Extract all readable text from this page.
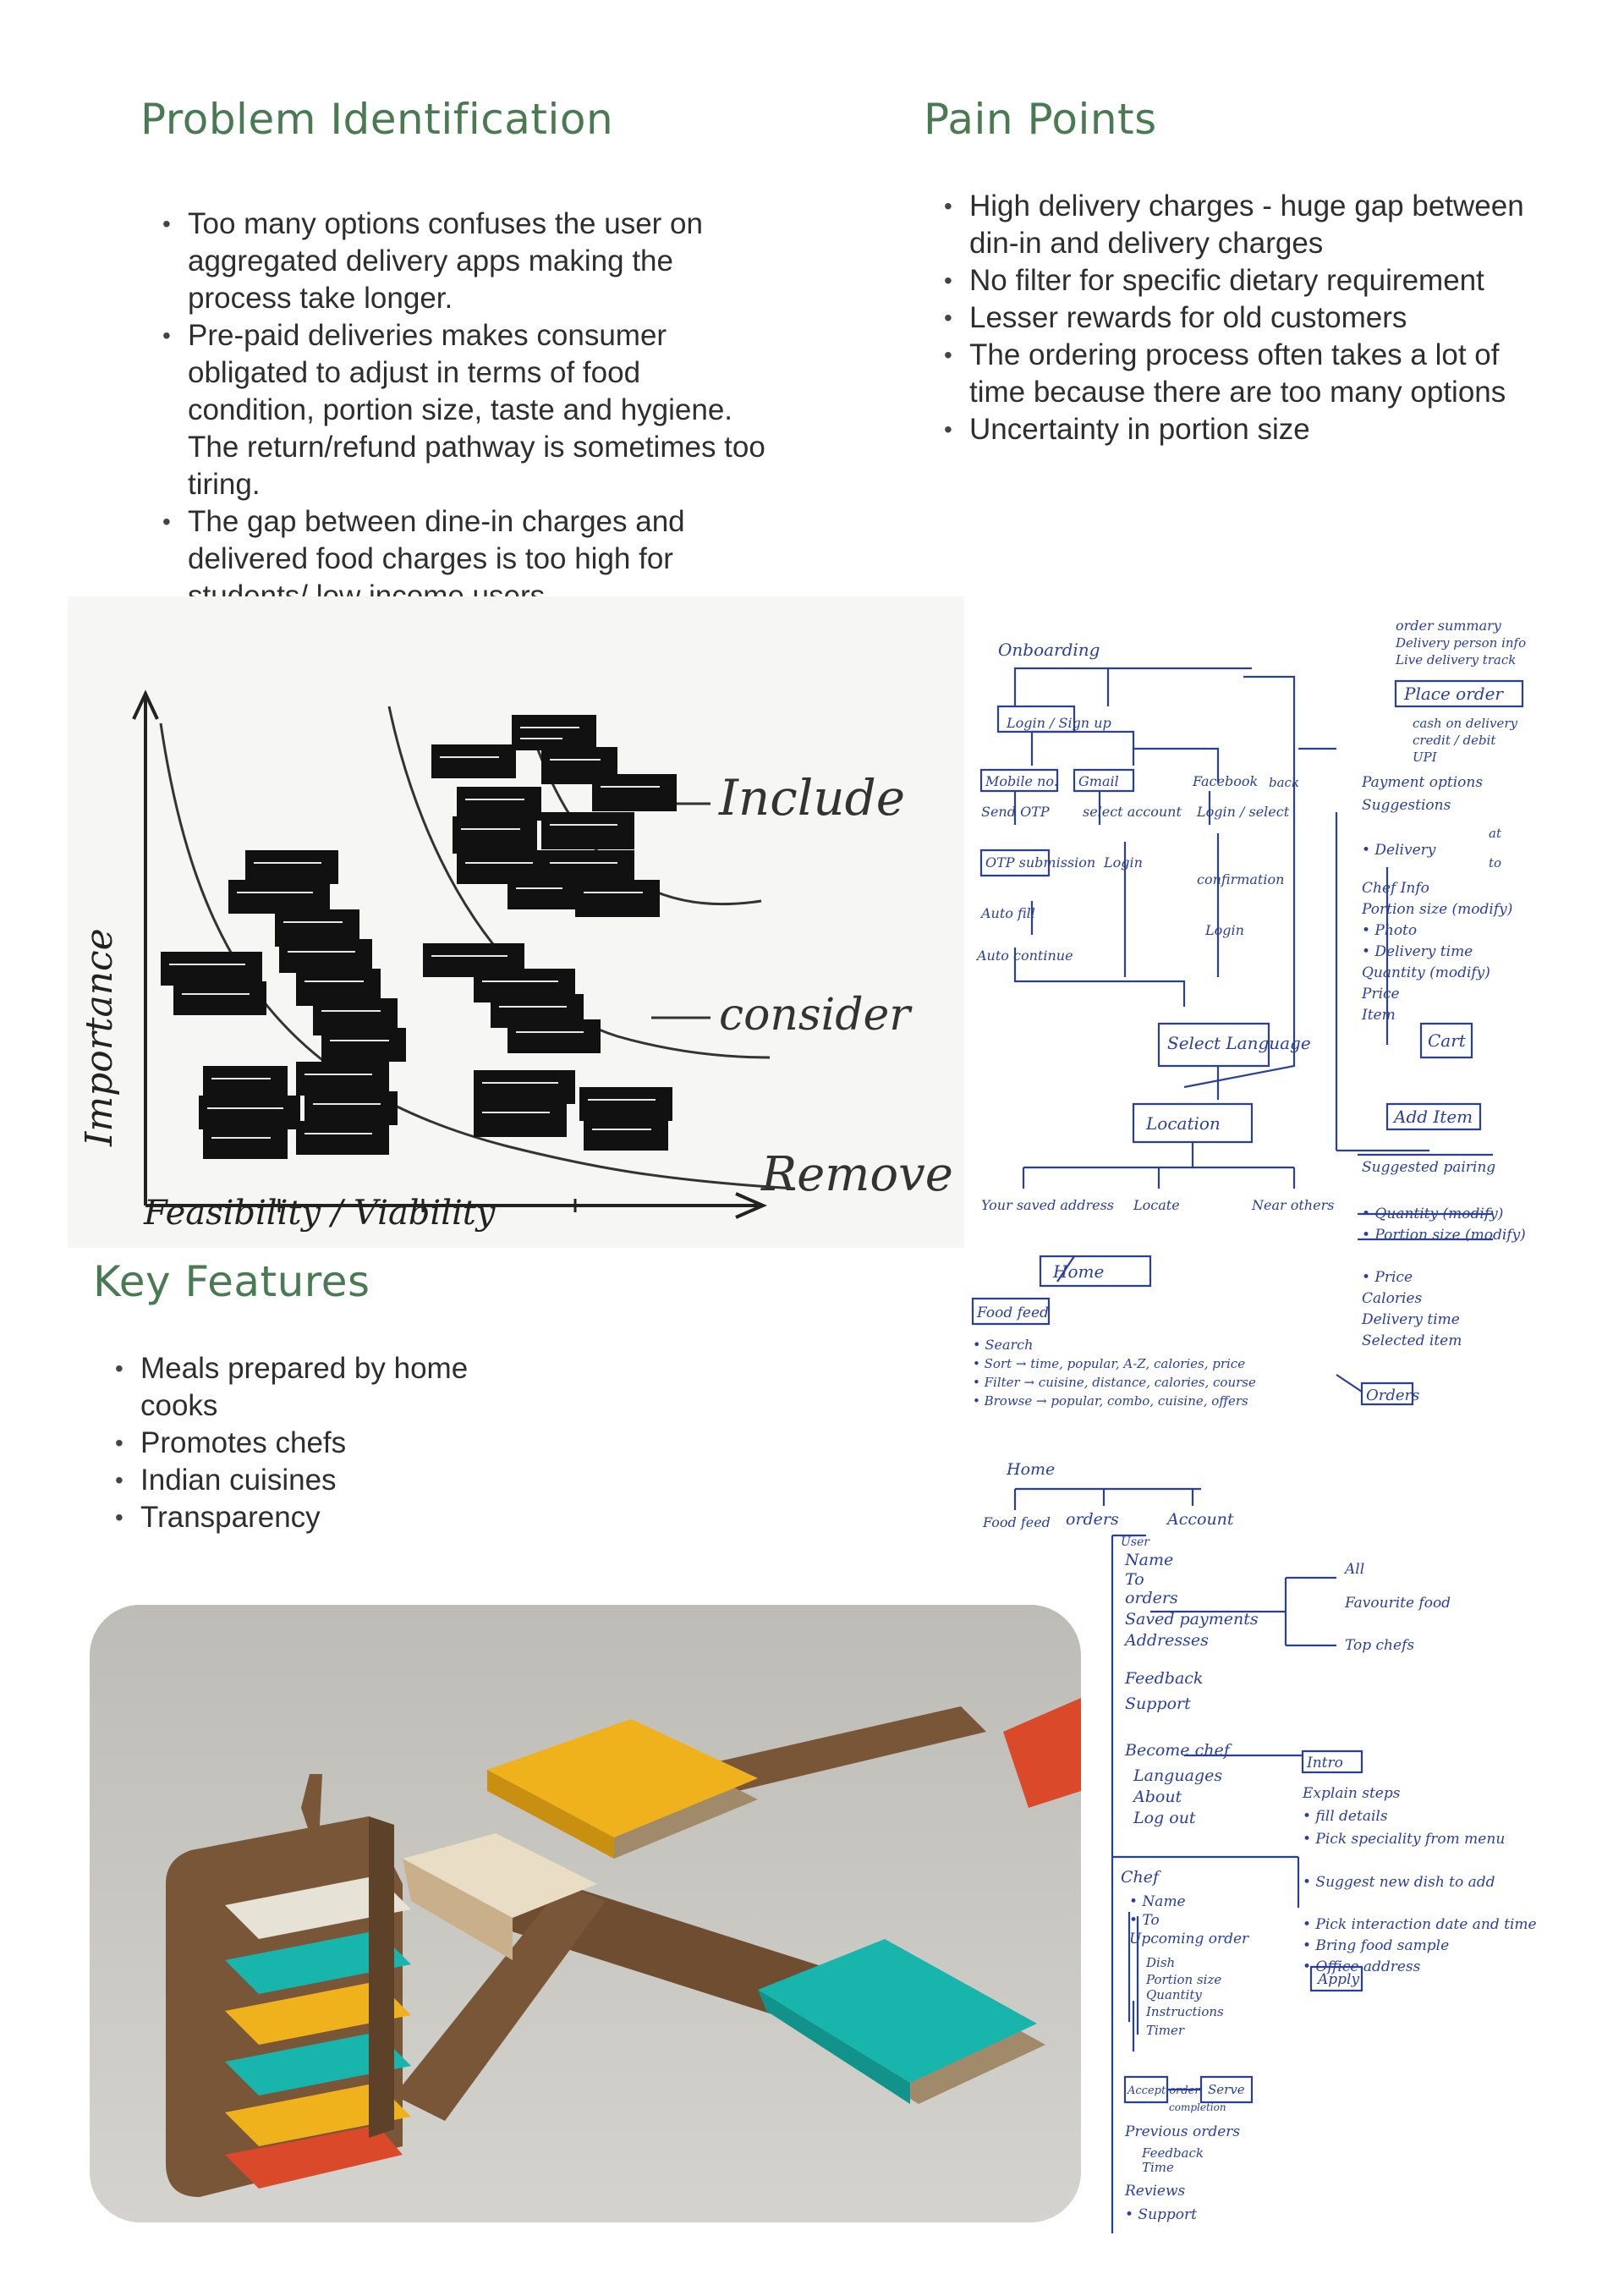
Problem Identification	Pain Points
Key Features
• Too many options confuses the user on aggregated delivery apps making the process take longer.
• Pre-paid deliveries makes consumer obligated to adjust in terms of food condition, portion size, taste and hygiene. The return/refund pathway is sometimes too tiring.
• The gap between dine-in charges and delivered food charges is too high for
• High delivery charges - huge gap between din-in and delivery charges
• No filter for specific dietary requirement
• Lesser rewards for old customers
• The ordering process often takes a lot of time because there are too many options
• Uncertainty in portion size
• Meals prepared by home cooks
• Promotes chefs
• Indian cuisines
• Transparency
Importance
Feasibility / Viability
Include
consider
Remove
Onboarding
Login / Sign up
Mobile no. Gmail	Facebook
Send OTP select account Login / select
OTP submission
Auto fill
Auto continue
Login
confirmation
Login
Select Language
Location
Your saved address Locate	Near others
Home
Food feed
• Search
• Sort → time, popular, A-Z, calories, price
• Filter → cuisine, distance, calories, course
• Browse → popular, combo, cuisine, offers
order summary
Delivery person info
Live delivery track
Place order
cash on delivery
credit / debit
UPI
back	Payment options
Suggestions
• Delivery
at
to
Chef Info
Portion size (modify)
• Photo
• Delivery time
Quantity (modify)
Price
Item
Cart
Add Item
Suggested pairing
• Quantity (modify)
• Portion size (modify)
• Price
Calories
Delivery time
Selected item
Orders
Home
Food feed orders	Account
User
Name
To
orders
Saved payments
Addresses
Feedback
Support
Become chef
Languages
About
Log out
All
Favourite food
Top chefs
Intro
Explain steps
• fill details
• Pick speciality from menu
• Suggest new dish to add
• Pick interaction date and time
• Bring food sample
• Office address
Apply
Chef
• Name
• To
Upcoming order
Dish
Portion size
Quantity
Instructions
Timer
Accept order Serve
completion
Previous orders
Feedback
Time
Reviews
• Support
